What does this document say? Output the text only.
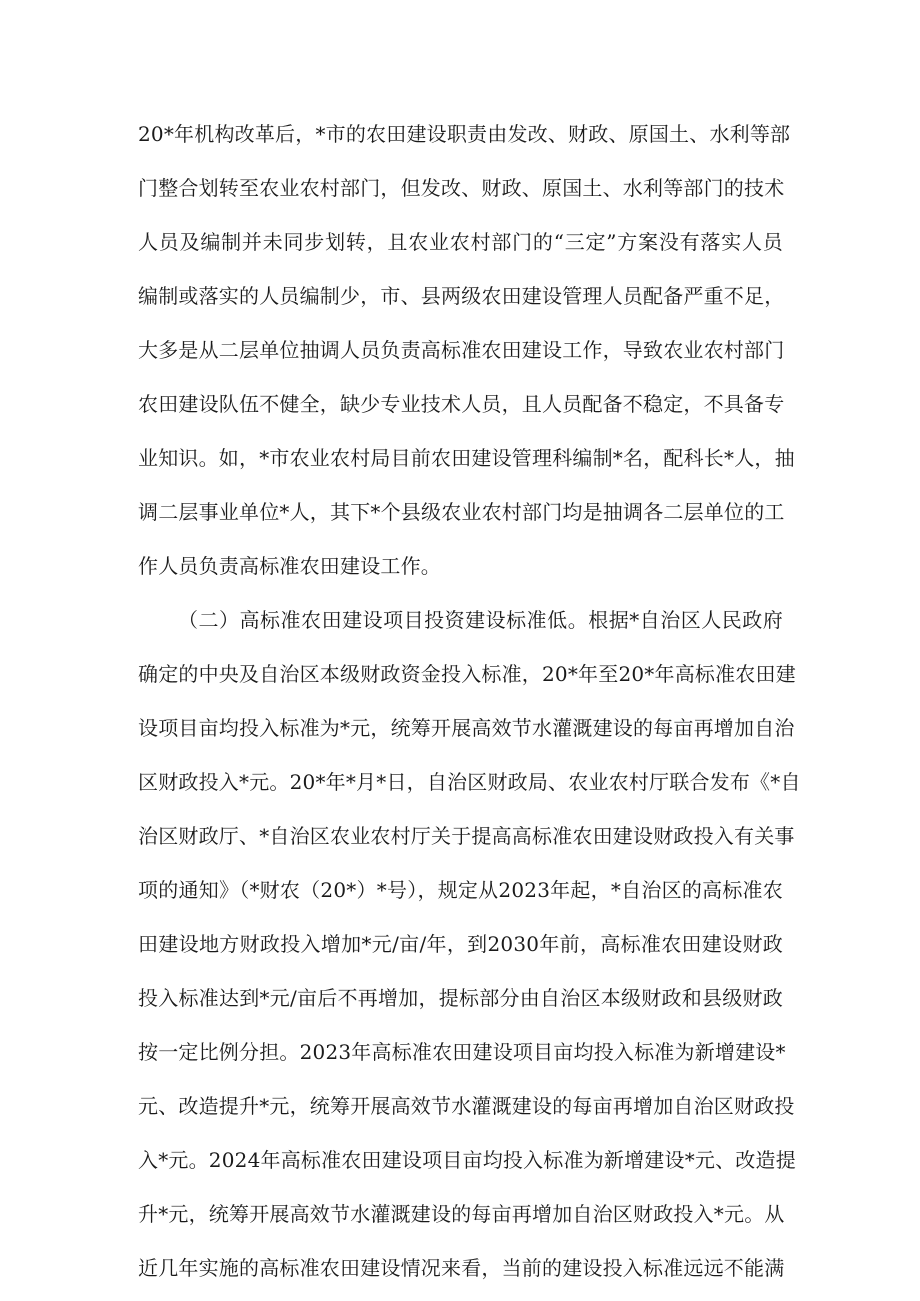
20*年机构改革后，*市的农田建设职责由发改、财政、原国土、水利等部
门整合划转至农业农村部门，但发改、财政、原国土、水利等部门的技术
人员及编制并未同步划转，且农业农村部门的“三定”方案没有落实人员
编制或落实的人员编制少，市、县两级农田建设管理人员配备严重不足，
大多是从二层单位抽调人员负责高标准农田建设工作，导致农业农村部门
农田建设队伍不健全，缺少专业技术人员，且人员配备不稳定，不具备专
业知识。如，*市农业农村局目前农田建设管理科编制*名，配科长*人，抽
调二层事业单位*人，其下*个县级农业农村部门均是抽调各二层单位的工
作人员负责高标准农田建设工作。
（二）高标准农田建设项目投资建设标准低。根据*自治区人民政府
确定的中央及自治区本级财政资金投入标准，20*年至20*年高标准农田建
设项目亩均投入标准为*元，统筹开展高效节水灌溉建设的每亩再增加自治
区财政投入*元。20*年*月*日，自治区财政局、农业农村厅联合发布《*自
治区财政厅、*自治区农业农村厅关于提高高标准农田建设财政投入有关事
项的通知》（*财农（20*）*号），规定从2023年起，*自治区的高标准农
田建设地方财政投入增加*元/亩/年，到2030年前，高标准农田建设财政
投入标准达到*元/亩后不再增加，提标部分由自治区本级财政和县级财政
按一定比例分担。2023年高标准农田建设项目亩均投入标准为新增建设*
元、改造提升*元，统筹开展高效节水灌溉建设的每亩再增加自治区财政投
入*元。2024年高标准农田建设项目亩均投入标准为新增建设*元、改造提
升*元，统筹开展高效节水灌溉建设的每亩再增加自治区财政投入*元。从
近几年实施的高标准农田建设情况来看，当前的建设投入标准远远不能满
